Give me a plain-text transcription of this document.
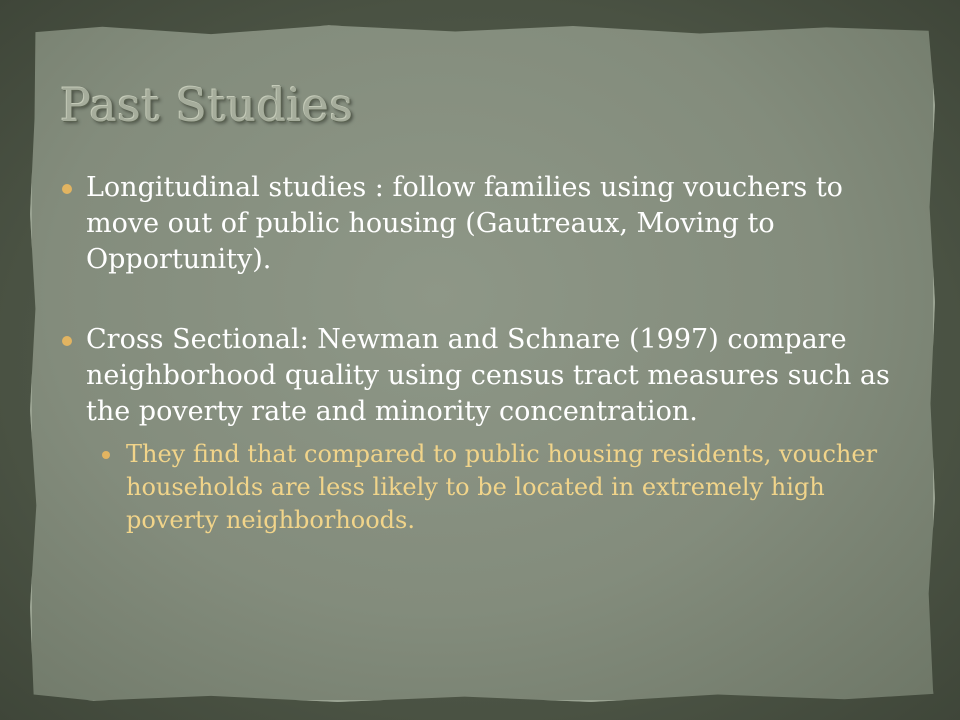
Past Studies
Longitudinal studies : follow families using vouchers to move out of public housing (Gautreaux, Moving to Opportunity).
Cross Sectional: Newman and Schnare (1997) compare neighborhood quality using census tract measures such as the poverty rate and minority concentration.
They find that compared to public housing residents, voucher households are less likely to be located in extremely high poverty neighborhoods.
